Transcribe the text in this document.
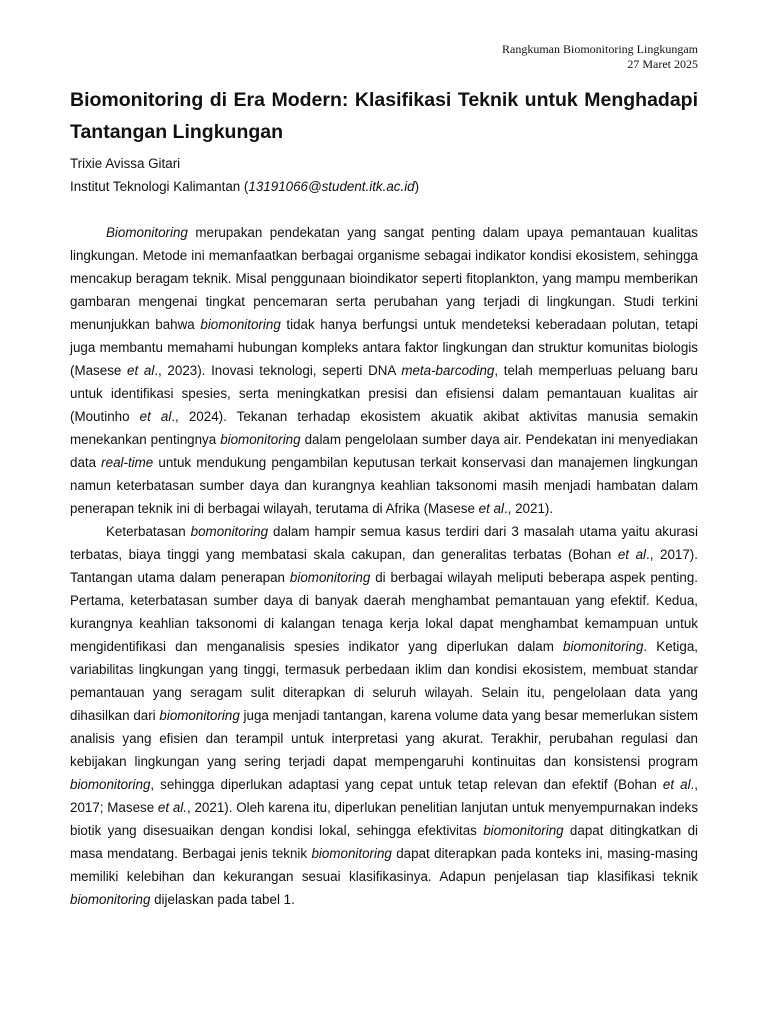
Rangkuman Biomonitoring Lingkungam
27 Maret 2025
Biomonitoring di Era Modern: Klasifikasi Teknik untuk Menghadapi Tantangan Lingkungan
Trixie Avissa Gitari
Institut Teknologi Kalimantan (13191066@student.itk.ac.id)

Biomonitoring merupakan pendekatan yang sangat penting dalam upaya pemantauan kualitas lingkungan. Metode ini memanfaatkan berbagai organisme sebagai indikator kondisi ekosistem, sehingga mencakup beragam teknik. Misal penggunaan bioindikator seperti fitoplankton, yang mampu memberikan gambaran mengenai tingkat pencemaran serta perubahan yang terjadi di lingkungan. Studi terkini menunjukkan bahwa biomonitoring tidak hanya berfungsi untuk mendeteksi keberadaan polutan, tetapi juga membantu memahami hubungan kompleks antara faktor lingkungan dan struktur komunitas biologis (Masese et al., 2023). Inovasi teknologi, seperti DNA meta-barcoding, telah memperluas peluang baru untuk identifikasi spesies, serta meningkatkan presisi dan efisiensi dalam pemantauan kualitas air (Moutinho et al., 2024). Tekanan terhadap ekosistem akuatik akibat aktivitas manusia semakin menekankan pentingnya biomonitoring dalam pengelolaan sumber daya air. Pendekatan ini menyediakan data real-time untuk mendukung pengambilan keputusan terkait konservasi dan manajemen lingkungan namun keterbatasan sumber daya dan kurangnya keahlian taksonomi masih menjadi hambatan dalam penerapan teknik ini di berbagai wilayah, terutama di Afrika (Masese et al., 2021).

Keterbatasan bomonitoring dalam hampir semua kasus terdiri dari 3 masalah utama yaitu akurasi terbatas, biaya tinggi yang membatasi skala cakupan, dan generalitas terbatas (Bohan et al., 2017). Tantangan utama dalam penerapan biomonitoring di berbagai wilayah meliputi beberapa aspek penting. Pertama, keterbatasan sumber daya di banyak daerah menghambat pemantauan yang efektif. Kedua, kurangnya keahlian taksonomi di kalangan tenaga kerja lokal dapat menghambat kemampuan untuk mengidentifikasi dan menganalisis spesies indikator yang diperlukan dalam biomonitoring. Ketiga, variabilitas lingkungan yang tinggi, termasuk perbedaan iklim dan kondisi ekosistem, membuat standar pemantauan yang seragam sulit diterapkan di seluruh wilayah. Selain itu, pengelolaan data yang dihasilkan dari biomonitoring juga menjadi tantangan, karena volume data yang besar memerlukan sistem analisis yang efisien dan terampil untuk interpretasi yang akurat. Terakhir, perubahan regulasi dan kebijakan lingkungan yang sering terjadi dapat mempengaruhi kontinuitas dan konsistensi program biomonitoring, sehingga diperlukan adaptasi yang cepat untuk tetap relevan dan efektif (Bohan et al., 2017; Masese et al., 2021). Oleh karena itu, diperlukan penelitian lanjutan untuk menyempurnakan indeks biotik yang disesuaikan dengan kondisi lokal, sehingga efektivitas biomonitoring dapat ditingkatkan di masa mendatang. Berbagai jenis teknik biomonitoring dapat diterapkan pada konteks ini, masing-masing memiliki kelebihan dan kekurangan sesuai klasifikasinya. Adapun penjelasan tiap klasifikasi teknik biomonitoring dijelaskan pada tabel 1.
